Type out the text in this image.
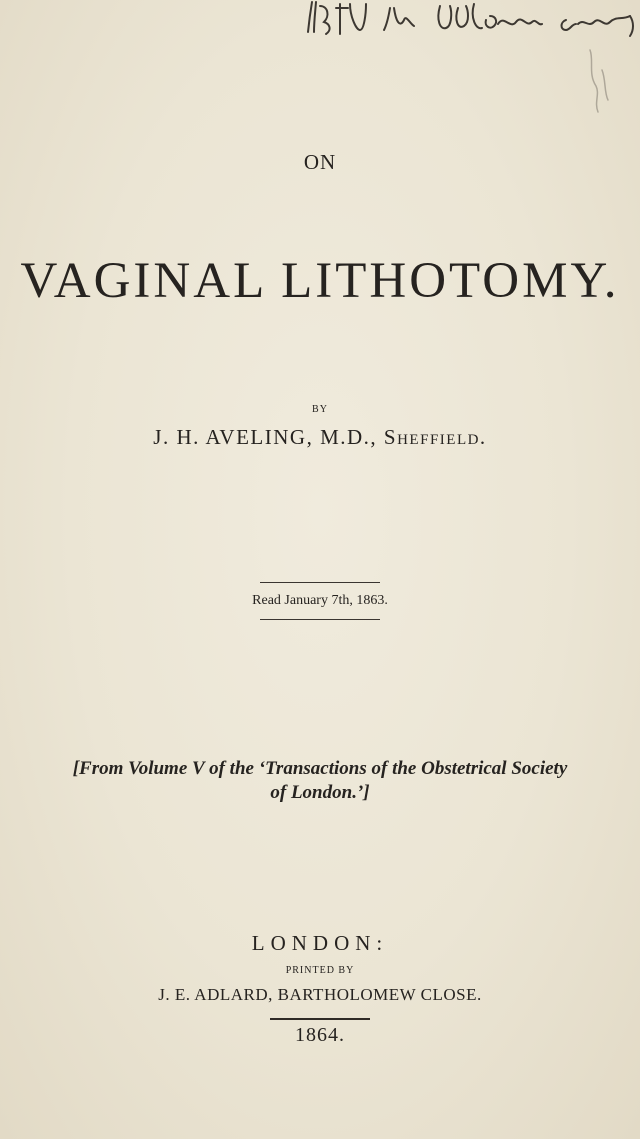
ON
VAGINAL LITHOTOMY.
BY
J. H. AVELING, M.D., Sheffield.
Read January 7th, 1863.
[From Volume V of the ‘Transactions of the Obstetrical Society
of London.’]
LONDON:
PRINTED BY
J. E. ADLARD, BARTHOLOMEW CLOSE.
1864.
